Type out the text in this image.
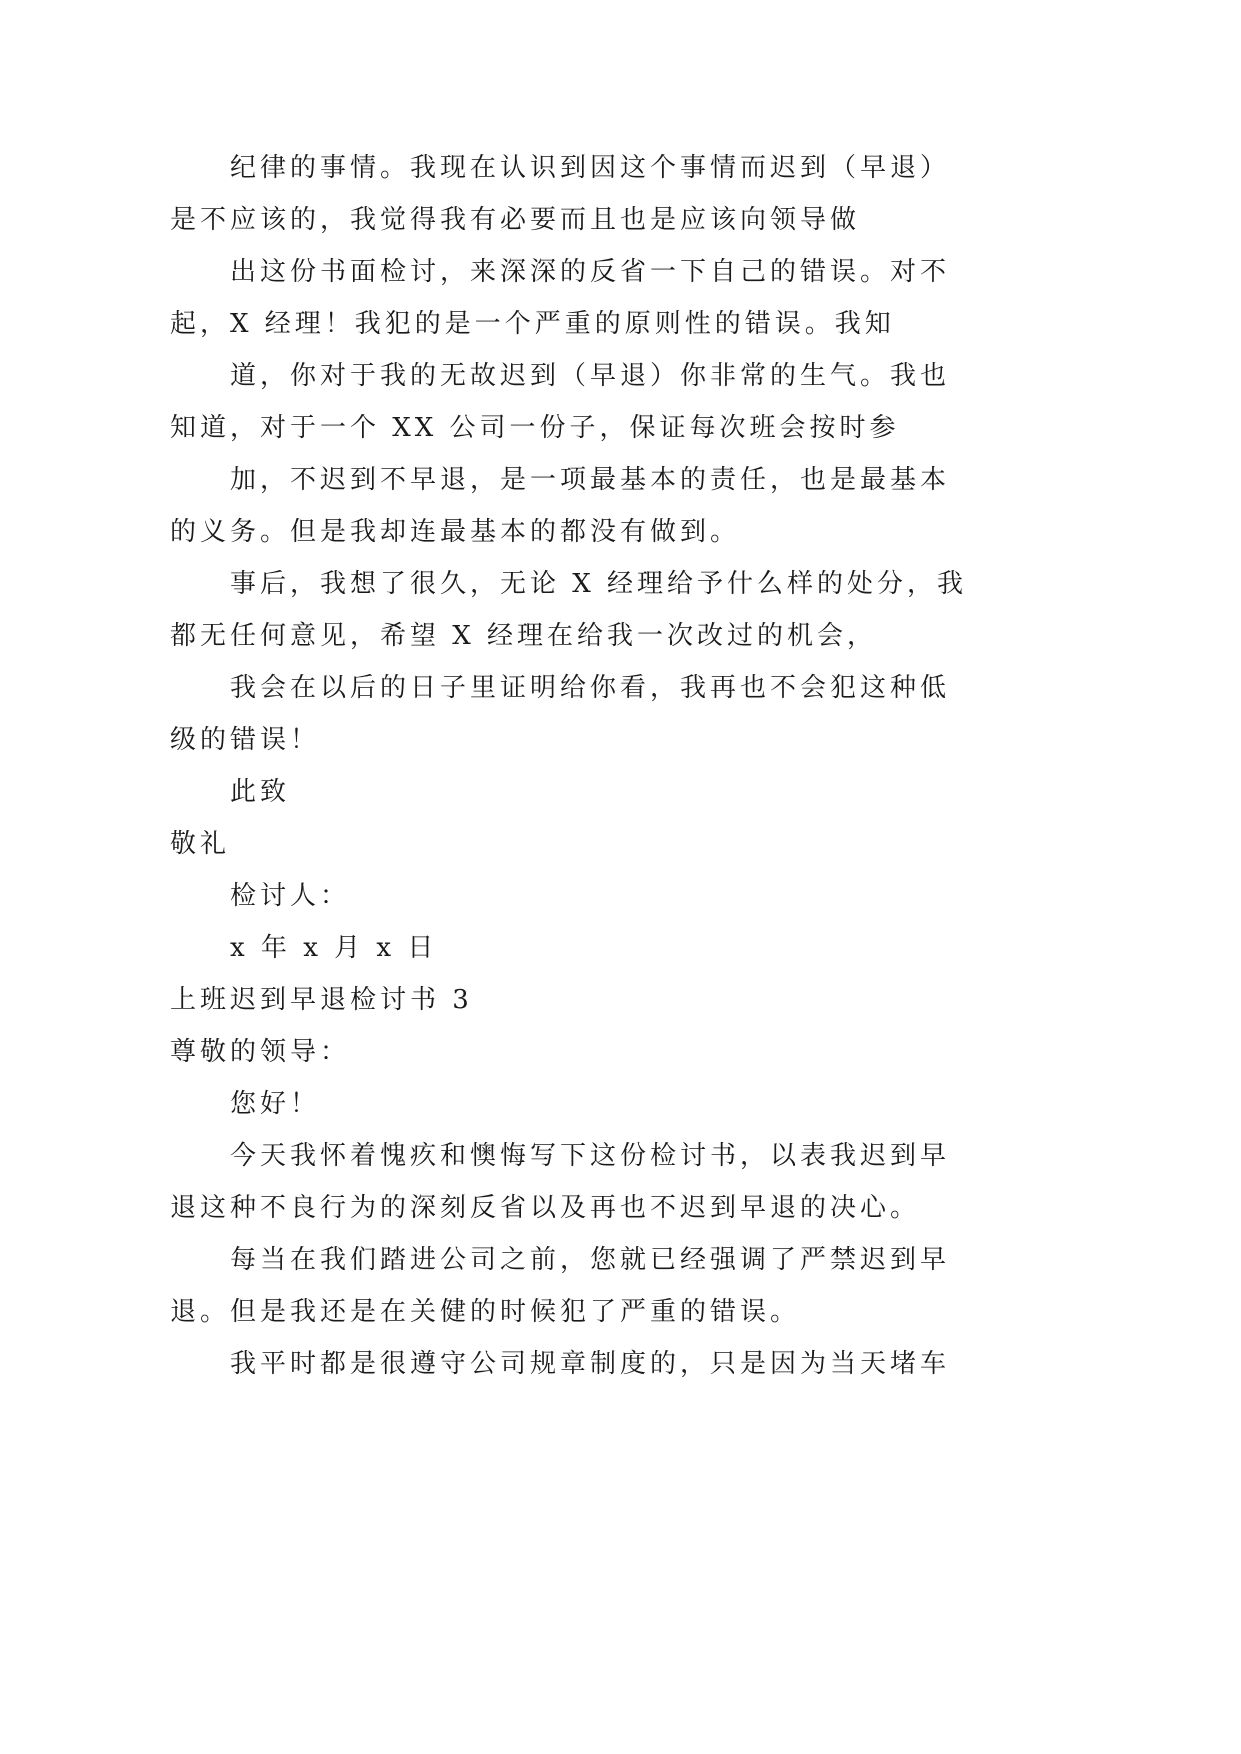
纪律的事情。我现在认识到因这个事情而迟到（早退）
是不应该的，我觉得我有必要而且也是应该向领导做
出这份书面检讨，来深深的反省一下自己的错误。对不
起，X 经理！我犯的是一个严重的原则性的错误。我知
道，你对于我的无故迟到（早退）你非常的生气。我也
知道，对于一个 XX 公司一份子，保证每次班会按时参
加，不迟到不早退，是一项最基本的责任，也是最基本
的义务。但是我却连最基本的都没有做到。
事后，我想了很久，无论 X 经理给予什么样的处分，我
都无任何意见，希望 X 经理在给我一次改过的机会，
我会在以后的日子里证明给你看，我再也不会犯这种低
级的错误！
此致
敬礼
检讨人：
x 年 x 月 x 日
上班迟到早退检讨书 3
尊敬的领导：
您好！
今天我怀着愧疚和懊悔写下这份检讨书，以表我迟到早
退这种不良行为的深刻反省以及再也不迟到早退的决心。
每当在我们踏进公司之前，您就已经强调了严禁迟到早
退。但是我还是在关健的时候犯了严重的错误。
我平时都是很遵守公司规章制度的，只是因为当天堵车
